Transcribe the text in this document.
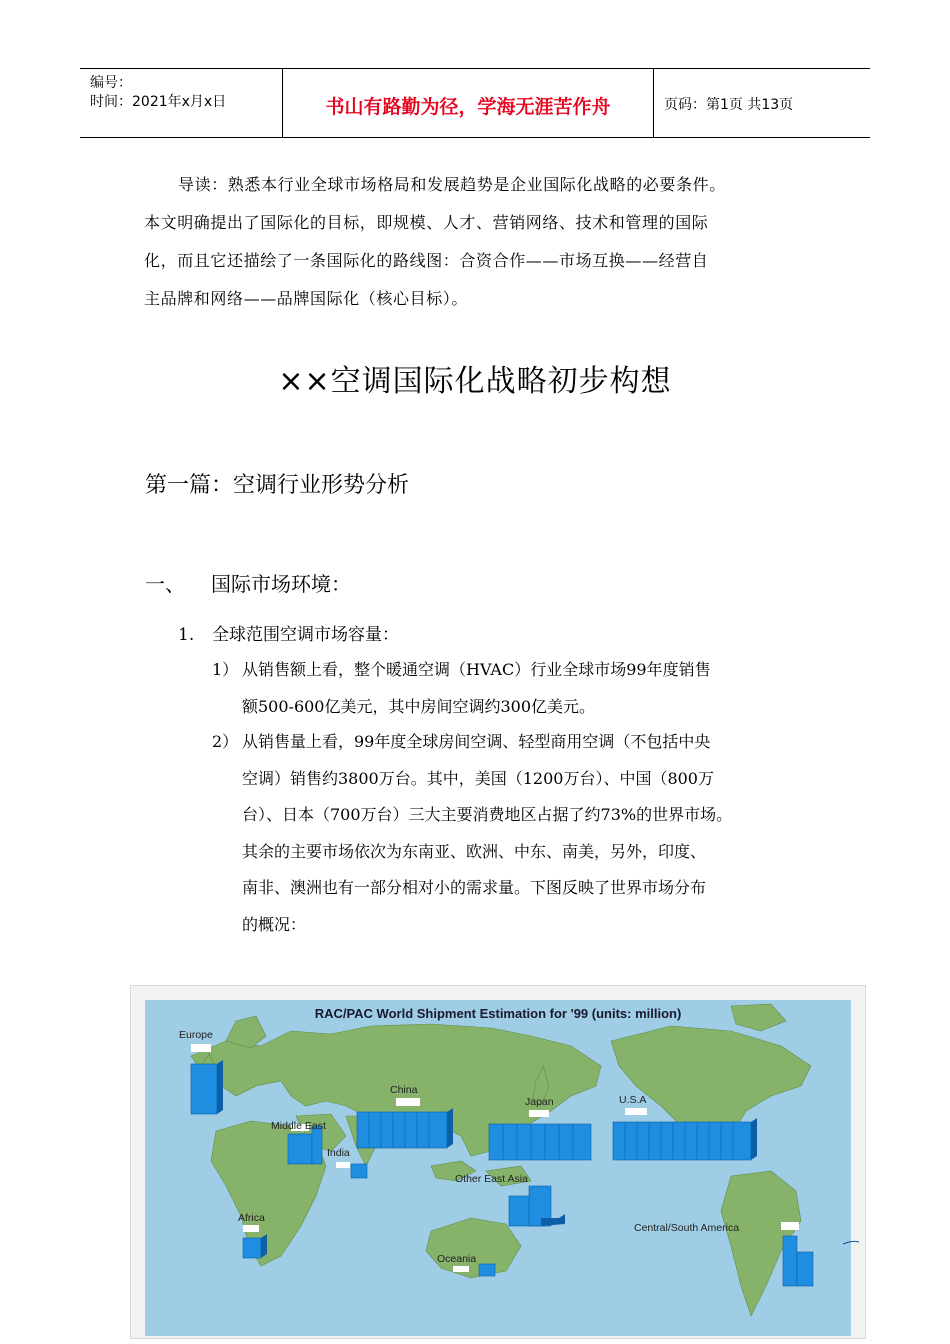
编号：
时间：2021年x月x日	书山有路勤为径，学海无涯苦作舟	页码：第1页 共13页
导读：熟悉本行业全球市场格局和发展趋势是企业国际化战略的必要条件。
本文明确提出了国际化的目标，即规模、人才、营销网络、技术和管理的国际
化，而且它还描绘了一条国际化的路线图：合资合作——市场互换——经营自
主品牌和网络——品牌国际化（核心目标）。
××空调国际化战略初步构想
第一篇：空调行业形势分析
一、 国际市场环境：
1. 全球范围空调市场容量：
1） 从销售额上看，整个暖通空调（HVAC）行业全球市场99年度销售
额500-600亿美元，其中房间空调约300亿美元。
2） 从销售量上看，99年度全球房间空调、轻型商用空调（不包括中央
空调）销售约3800万台。其中，美国（1200万台）、中国（800万
台）、日本（700万台）三大主要消费地区占据了约73%的世界市场。
其余的主要市场依次为东南亚、欧洲、中东、南美，另外，印度、
南非、澳洲也有一部分相对小的需求量。下图反映了世界市场分布
的概况：
RAC/PAC World Shipment Estimation for '99 (units: million)
Europe
Middle East
India
China
Japan	U.S.A
Other East Asia
Africa
Oceania
Central/South America
